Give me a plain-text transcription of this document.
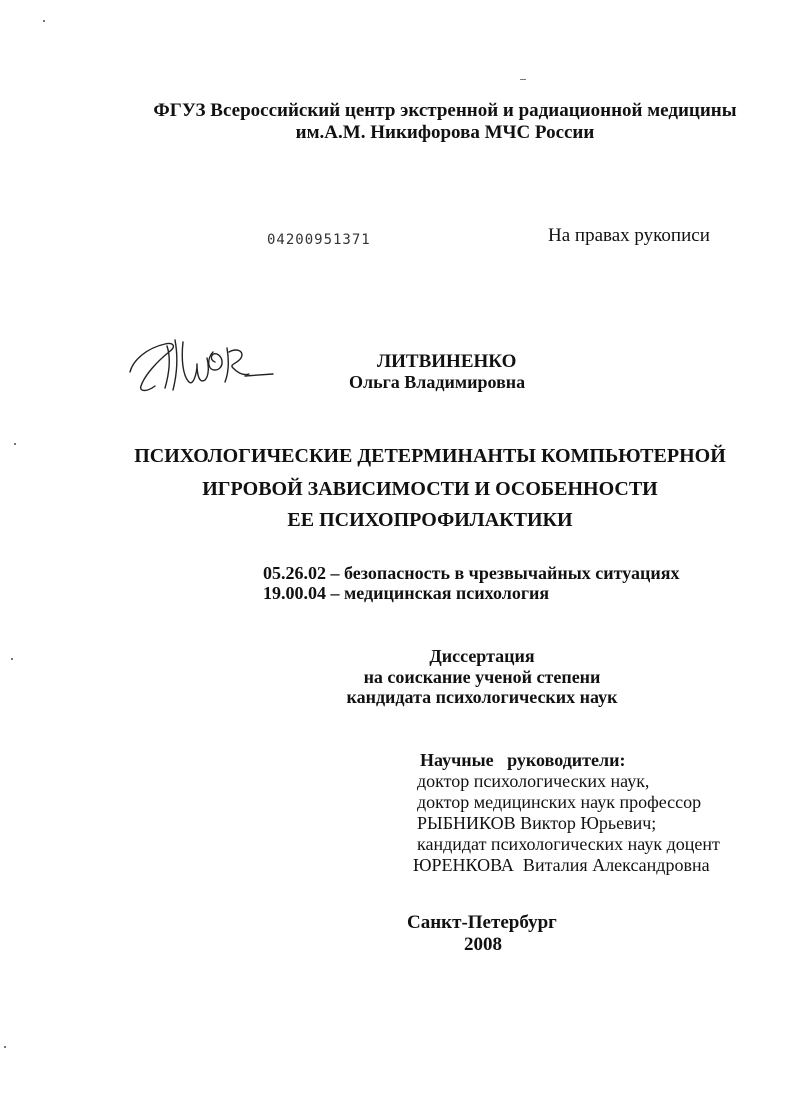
ФГУЗ Всероссийский центр экстренной и радиационной медицины
им.А.М. Никифорова МЧС России
04200951371	На правах рукописи
ЛИТВИНЕНКО
Ольга Владимировна
ПСИХОЛОГИЧЕСКИЕ ДЕТЕРМИНАНТЫ КОМПЬЮТЕРНОЙ
ИГРОВОЙ ЗАВИСИМОСТИ И ОСОБЕННОСТИ
ЕЕ ПСИХОПРОФИЛАКТИКИ
05.26.02 – безопасность в чрезвычайных ситуациях
19.00.04 – медицинская психология
Диссертация
на соискание ученой степени
кандидата психологических наук
Научные   руководители:
доктор психологических наук,
доктор медицинских наук профессор
РЫБНИКОВ Виктор Юрьевич;
кандидат психологических наук доцент
ЮРЕНКОВА  Виталия Александровна
Санкт-Петербург
2008
